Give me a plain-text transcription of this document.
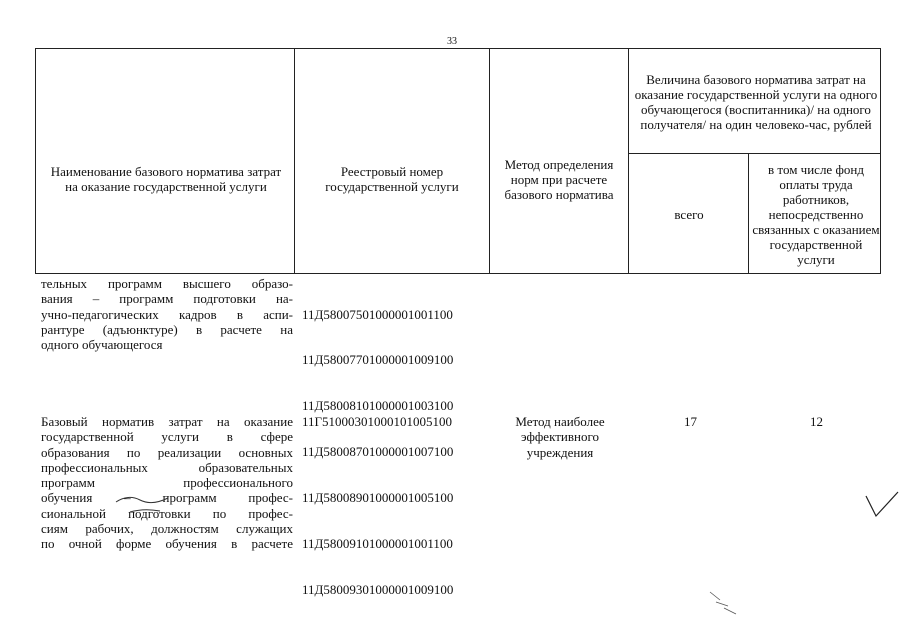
33
Наименование базового норматива затрат на оказание государственной услуги
Реестровый номер государственной услуги
Метод определения норм при расчете базового норматива
Величина базового норматива затрат на оказание государственной услуги на одного обучающегося (воспитанника)/ на одного получателя/ на один человеко-час, рублей
всего
в том числе фонд оплаты труда работников, непосредственно связанных с оказанием государственной услуги
тельных программ высшего образо-
вания – программ подготовки на-
учно-педагогических кадров в аспи-
рантуре (адъюнктуре) в расчете на
одного обучающегося

11Д58007501000001001100

11Д58007701000001009100

11Д58008101000001003100

11Д58008701000001007100

11Д58008901000001005100

11Д58009101000001001100

11Д58009301000001009100

Базовый норматив затрат на оказание
государственной услуги в сфере
образования по реализации основных
профессиональных образовательных
программ профессионального
обучения – программ профес-
сиональной подготовки по профес-
сиям рабочих, должностям служащих
по очной форме обучения в расчете
11Г51000301000101005100	Метод наиболее эффективного учреждения
17	12
